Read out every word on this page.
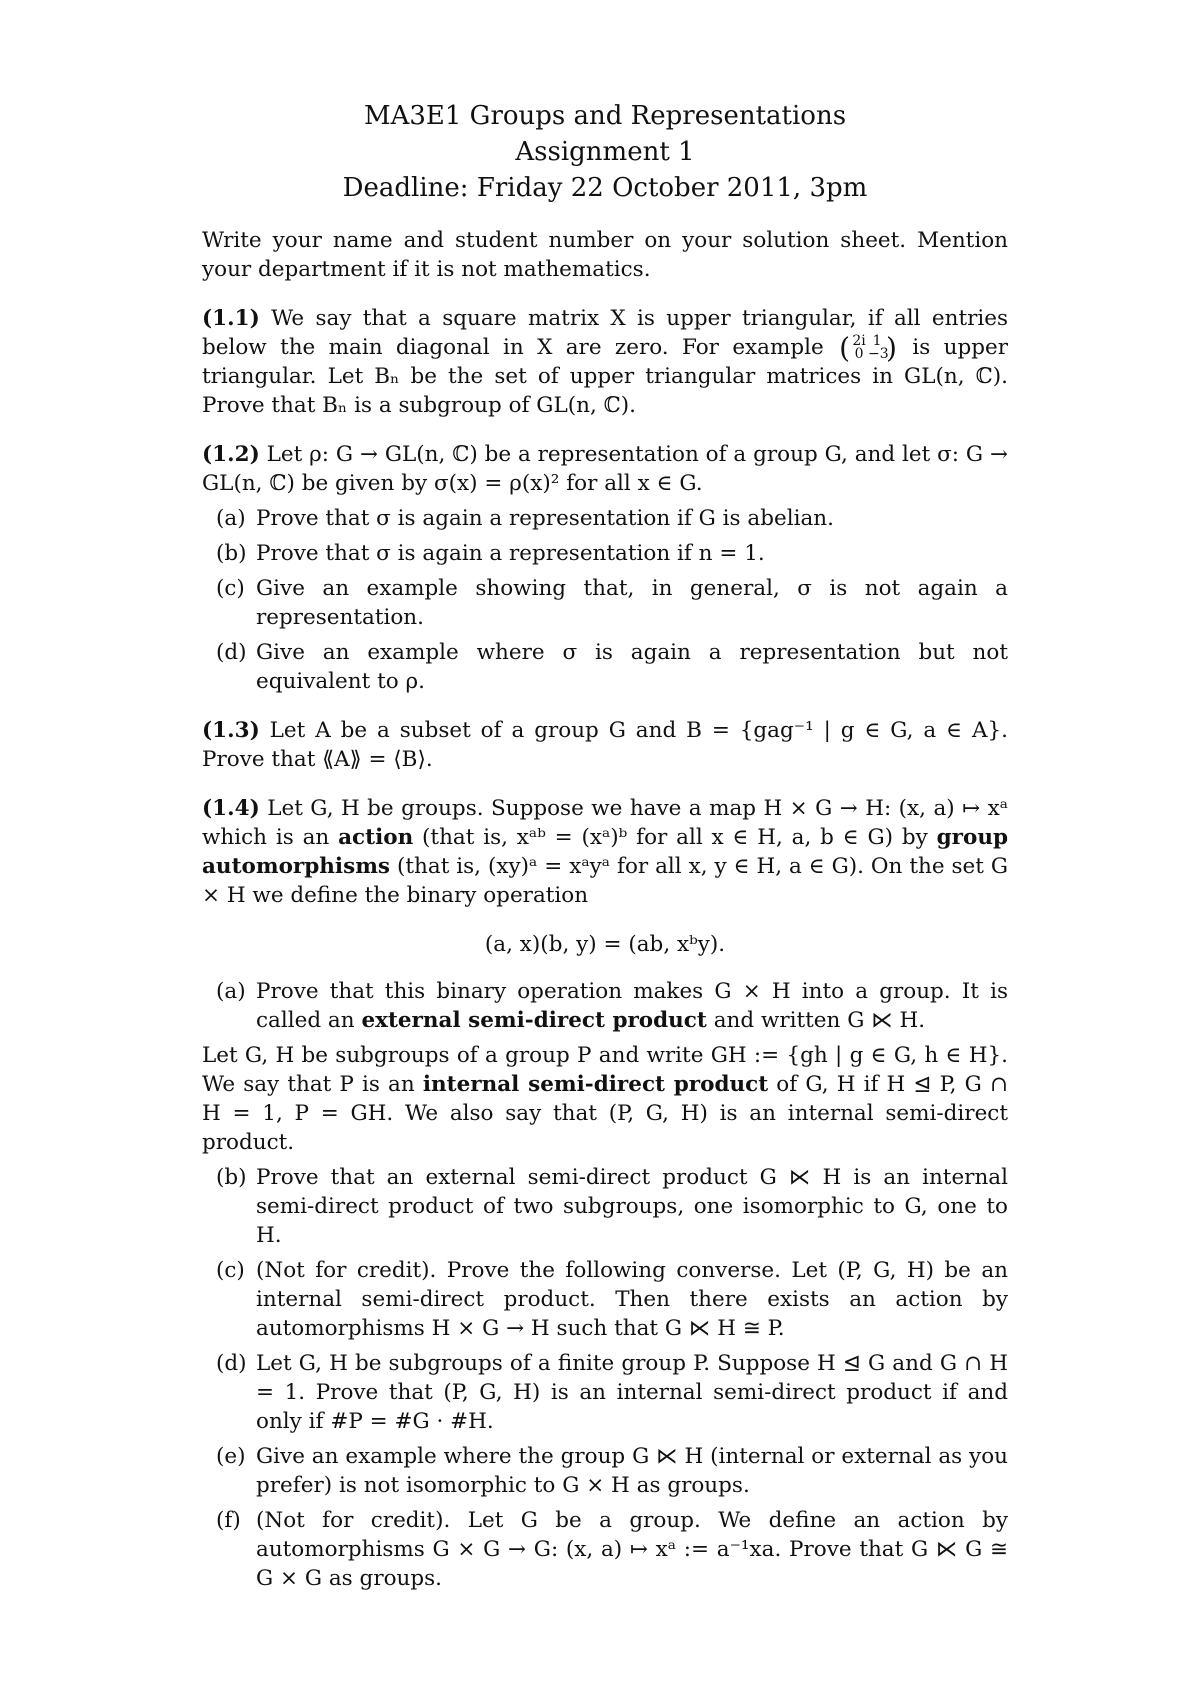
MA3E1 Groups and Representations
Assignment 1
Deadline: Friday 22 October 2011, 3pm

Write your name and student number on your solution sheet. Mention your department if it is not mathematics.

(1.1) We say that a square matrix X is upper triangular, if all entries below the main diagonal in X are zero. For example ( 2i 1
0 −3) is upper triangular. Let Bₙ be the set of upper triangular matrices in GL(n, ℂ). Prove that Bₙ is a subgroup of GL(n, ℂ).

(1.2) Let ρ: G → GL(n, ℂ) be a representation of a group G, and let σ: G → GL(n, ℂ) be given by σ(x) = ρ(x)² for all x ∈ G.

(a) Prove that σ is again a representation if G is abelian.
(b) Prove that σ is again a representation if n = 1.
(c) Give an example showing that, in general, σ is not again a representation.
(d) Give an example where σ is again a representation but not equivalent to ρ.

(1.3) Let A be a subset of a group G and B = {gag⁻¹ | g ∈ G, a ∈ A}. Prove that ⟪A⟫ = ⟨B⟩.

(1.4) Let G, H be groups. Suppose we have a map H × G → H: (x, a) ↦ xᵃ which is an action (that is, xᵃᵇ = (xᵃ)ᵇ for all x ∈ H, a, b ∈ G) by group automorphisms (that is, (xy)ᵃ = xᵃyᵃ for all x, y ∈ H, a ∈ G). On the set G × H we define the binary operation

(a, x)(b, y) = (ab, xᵇy).
(a) Prove that this binary operation makes G × H into a group. It is called an external semi-direct product and written G ⋉ H.

Let G, H be subgroups of a group P and write GH := {gh | g ∈ G, h ∈ H}. We say that P is an internal semi-direct product of G, H if H ⊴ P, G ∩ H = 1, P = GH. We also say that (P, G, H) is an internal semi-direct product.

(b) Prove that an external semi-direct product G ⋉ H is an internal semi-direct product of two subgroups, one isomorphic to G, one to H.
(c) (Not for credit). Prove the following converse. Let (P, G, H) be an internal semi-direct product. Then there exists an action by automorphisms H × G → H such that G ⋉ H ≅ P.
(d) Let G, H be subgroups of a finite group P. Suppose H ⊴ G and G ∩ H = 1. Prove that (P, G, H) is an internal semi-direct product if and only if #P = #G · #H.
(e) Give an example where the group G ⋉ H (internal or external as you prefer) is not isomorphic to G × H as groups.
(f) (Not for credit). Let G be a group. We define an action by automorphisms G × G → G: (x, a) ↦ xᵃ := a⁻¹xa. Prove that G ⋉ G ≅ G × G as groups.
